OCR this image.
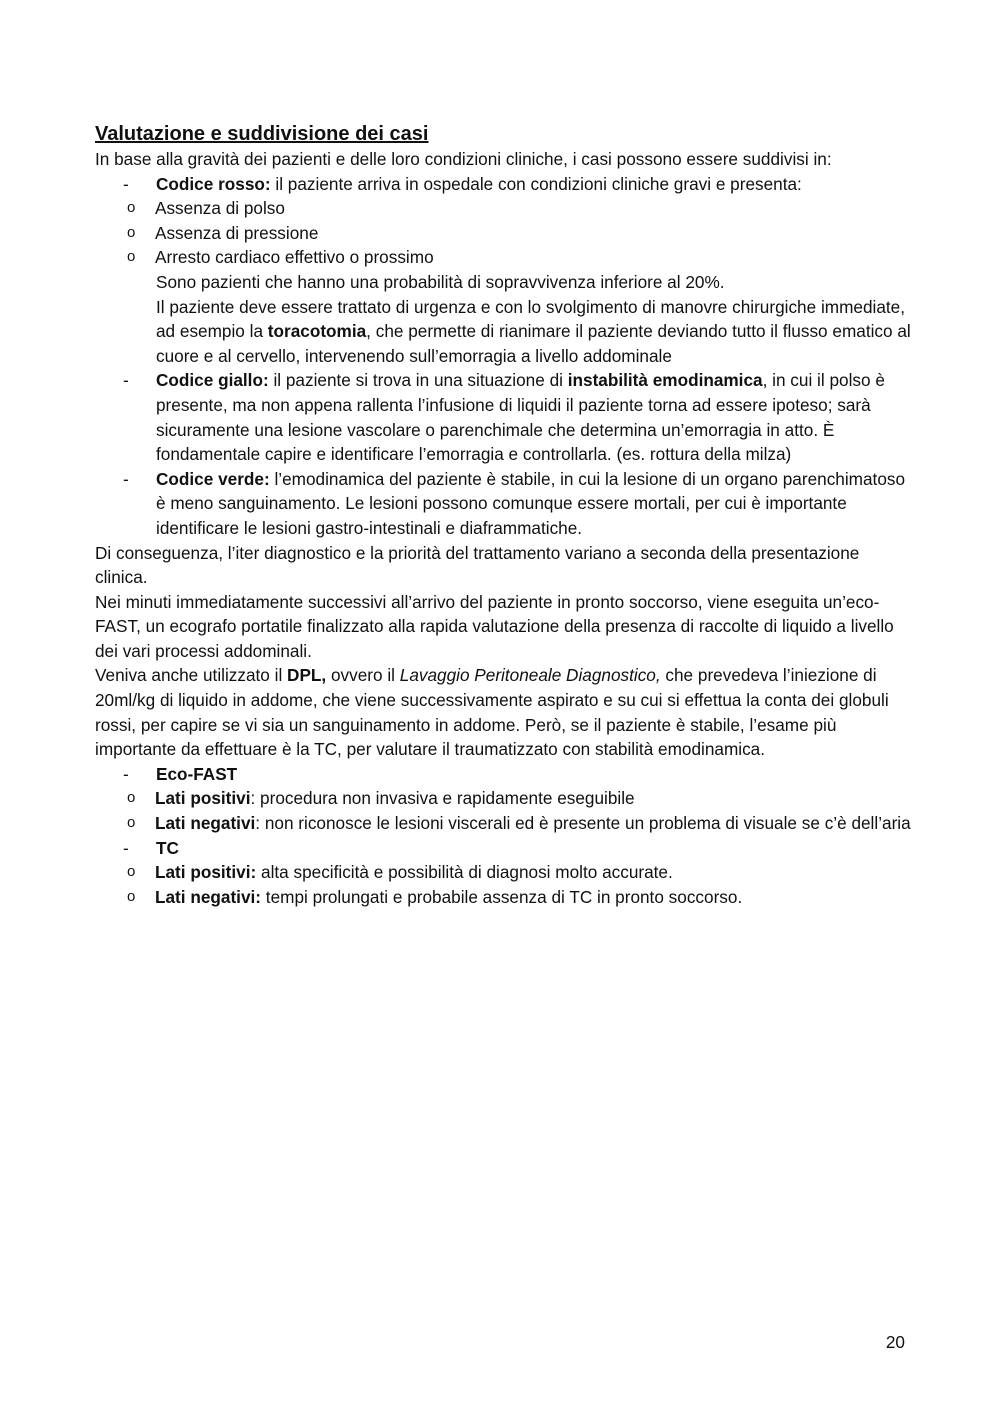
Valutazione e suddivisione dei casi

In base alla gravità dei pazienti e delle loro condizioni cliniche, i casi possono essere suddivisi in:

- Codice rosso: il paziente arriva in ospedale con condizioni cliniche gravi e presenta:

o Assenza di polso
o Assenza di pressione
o Arresto cardiaco effettivo o prossimo

Sono pazienti che hanno una probabilità di sopravvivenza inferiore al 20%.

Il paziente deve essere trattato di urgenza e con lo svolgimento di manovre chirurgiche immediate, ad esempio la toracotomia, che permette di rianimare il paziente deviando tutto il flusso ematico al cuore e al cervello, intervenendo sull’emorragia a livello addominale

- Codice giallo: il paziente si trova in una situazione di instabilità emodinamica, in cui il polso è presente, ma non appena rallenta l’infusione di liquidi il paziente torna ad essere ipoteso; sarà sicuramente una lesione vascolare o parenchimale che determina un’emorragia in atto. È fondamentale capire e identificare l’emorragia e controllarla. (es. rottura della milza)

- Codice verde: l’emodinamica del paziente è stabile, in cui la lesione di un organo parenchimatoso è meno sanguinamento. Le lesioni possono comunque essere mortali, per cui è importante identificare le lesioni gastro-intestinali e diaframmatiche.

Di conseguenza, l’iter diagnostico e la priorità del trattamento variano a seconda della presentazione clinica.

Nei minuti immediatamente successivi all’arrivo del paziente in pronto soccorso, viene eseguita un’eco-FAST, un ecografo portatile finalizzato alla rapida valutazione della presenza di raccolte di liquido a livello dei vari processi addominali.

Veniva anche utilizzato il DPL, ovvero il Lavaggio Peritoneale Diagnostico, che prevedeva l’iniezione di 20ml/kg di liquido in addome, che viene successivamente aspirato e su cui si effettua la conta dei globuli rossi, per capire se vi sia un sanguinamento in addome. Però, se il paziente è stabile, l’esame più importante da effettuare è la TC, per valutare il traumatizzato con stabilità emodinamica.

- Eco-FAST

o Lati positivi: procedura non invasiva e rapidamente eseguibile
o Lati negativi: non riconosce le lesioni viscerali ed è presente un problema di visuale se c’è dell’aria
- TC

o Lati positivi: alta specificità e possibilità di diagnosi molto accurate.
o Lati negativi: tempi prolungati e probabile assenza di TC in pronto soccorso.
20
